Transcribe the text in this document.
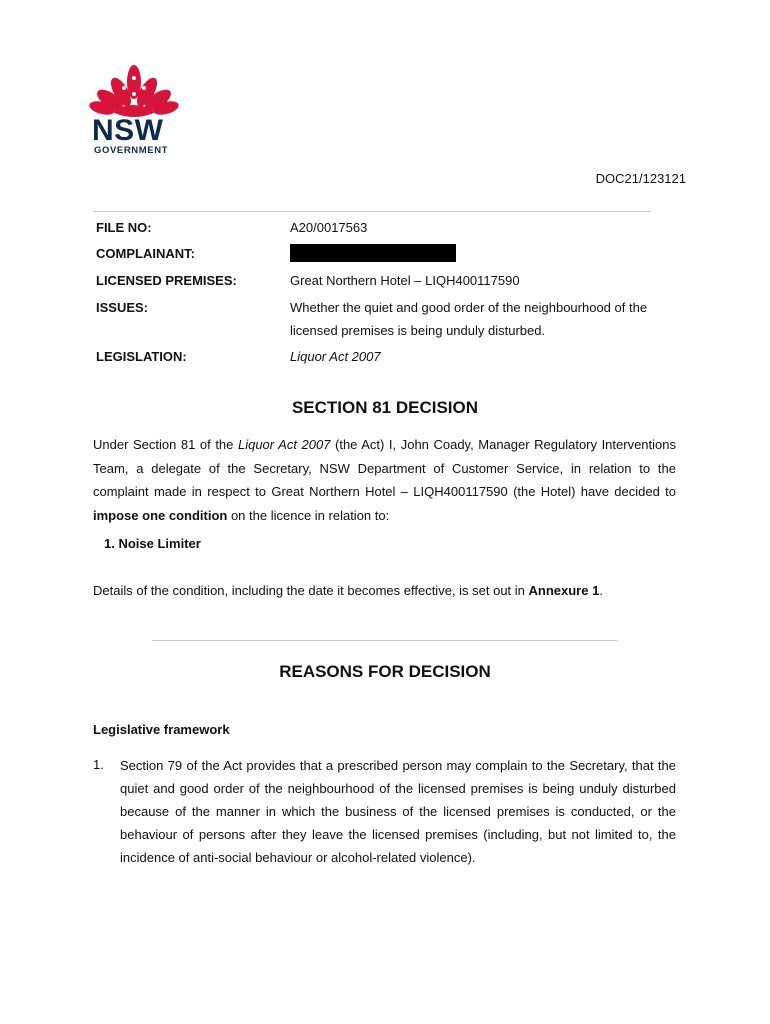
NSW
GOVERNMENT
DOC21/123121
FILE NO:	A20/0017563
COMPLAINANT:
LICENSED PREMISES:	Great Northern Hotel – LIQH400117590
ISSUES:	Whether the quiet and good order of the neighbourhood of the licensed premises is being unduly disturbed.
LEGISLATION:	Liquor Act 2007
SECTION 81 DECISION
Under Section 81 of the Liquor Act 2007 (the Act) I, John Coady, Manager Regulatory Interventions Team, a delegate of the Secretary, NSW Department of Customer Service, in relation to the complaint made in respect to Great Northern Hotel – LIQH400117590 (the Hotel) have decided to impose one condition on the licence in relation to:
1. Noise Limiter
Details of the condition, including the date it becomes effective, is set out in Annexure 1.
REASONS FOR DECISION
Legislative framework
1. Section 79 of the Act provides that a prescribed person may complain to the Secretary, that the quiet and good order of the neighbourhood of the licensed premises is being unduly disturbed because of the manner in which the business of the licensed premises is conducted, or the behaviour of persons after they leave the licensed premises (including, but not limited to, the incidence of anti-social behaviour or alcohol-related violence).
